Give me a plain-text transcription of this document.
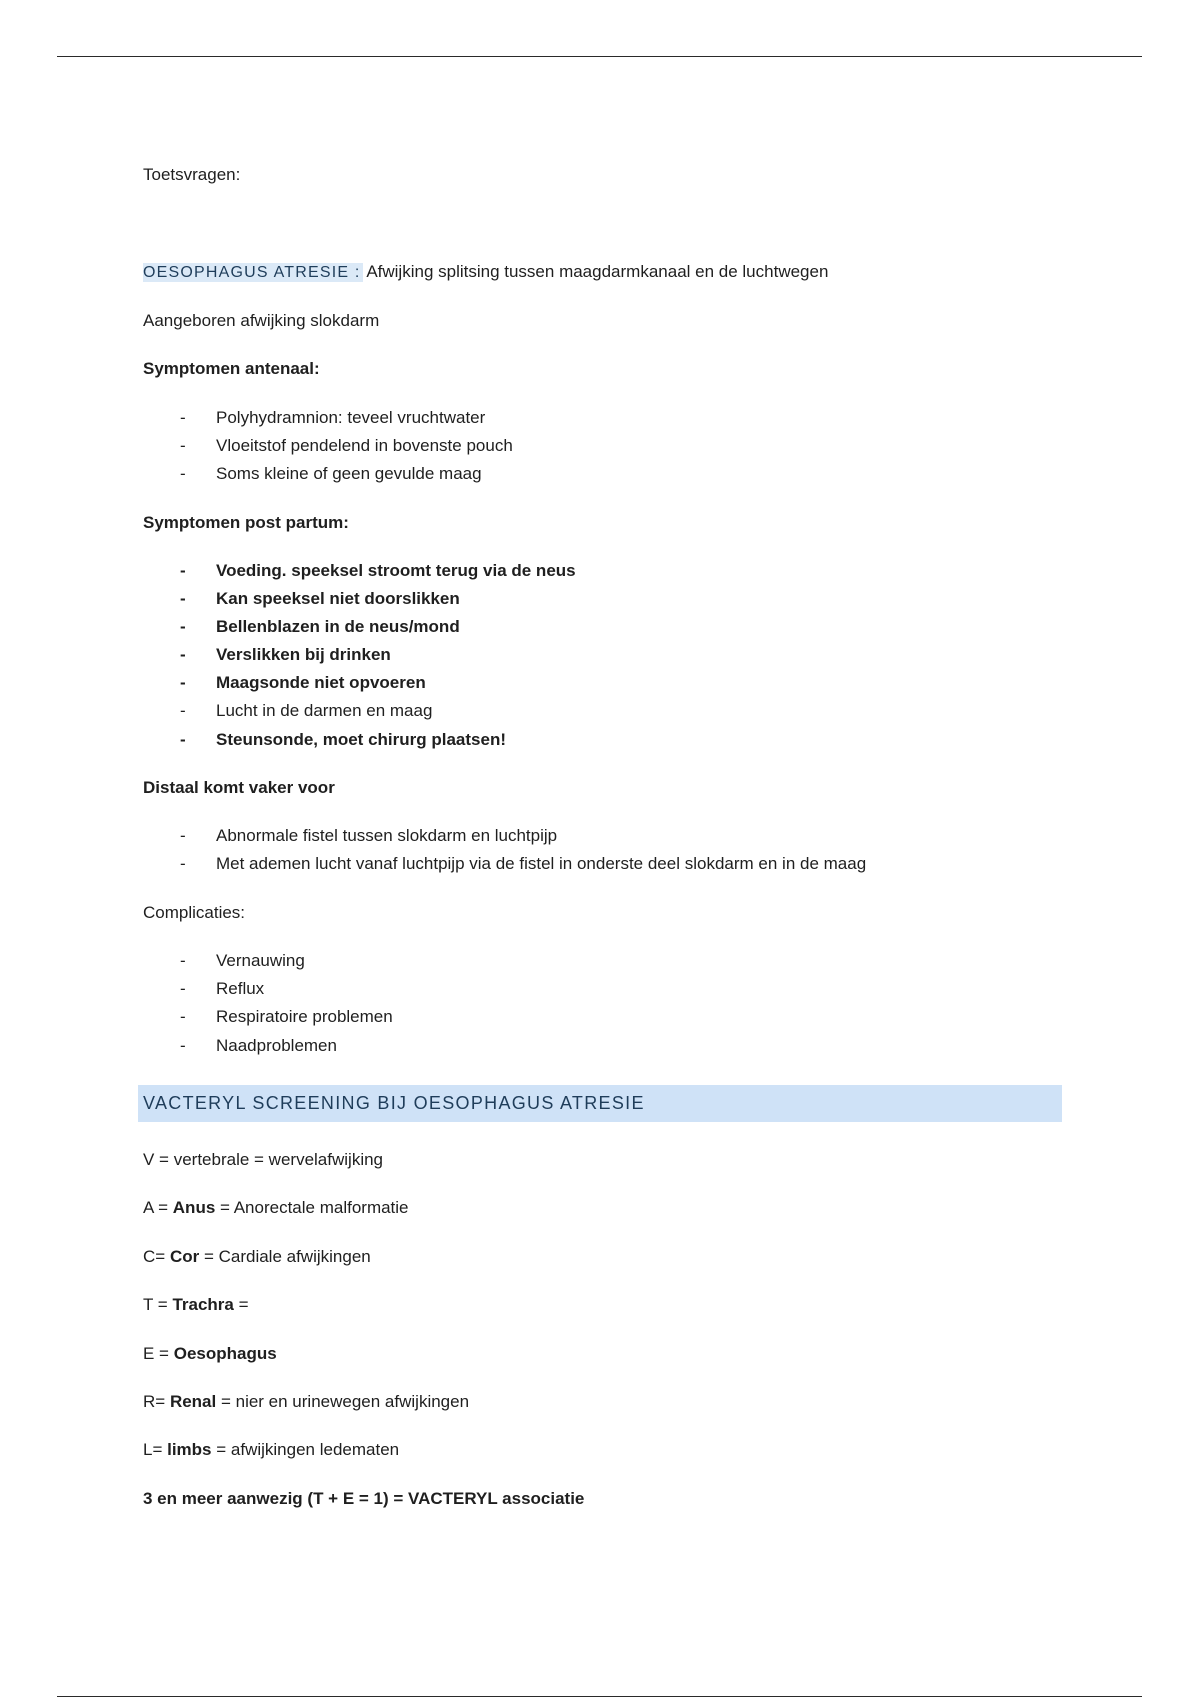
Toetsvragen:
OESOPHAGUS ATRESIE : Afwijking splitsing tussen maagdarmkanaal en de luchtwegen
Aangeboren afwijking slokdarm
Symptomen antenaal:
- Polyhydramnion: teveel vruchtwater
- Vloeitstof pendelend in bovenste pouch
- Soms kleine of geen gevulde maag
Symptomen post partum:
- Voeding. speeksel stroomt terug via de neus
- Kan speeksel niet doorslikken
- Bellenblazen in de neus/mond
- Verslikken bij drinken
- Maagsonde niet opvoeren
- Lucht in de darmen en maag
- Steunsonde, moet chirurg plaatsen!
Distaal komt vaker voor
- Abnormale fistel tussen slokdarm en luchtpijp
- Met ademen lucht vanaf luchtpijp via de fistel in onderste deel slokdarm en in de maag
Complicaties:
- Vernauwing
- Reflux
- Respiratoire problemen
- Naadproblemen
VACTERYL SCREENING BIJ OESOPHAGUS ATRESIE
V = vertebrale = wervelafwijking
A = Anus = Anorectale malformatie
C= Cor = Cardiale afwijkingen
T = Trachra =
E = Oesophagus
R= Renal = nier en urinewegen afwijkingen
L= limbs = afwijkingen ledematen
3 en meer aanwezig (T + E = 1) = VACTERYL associatie
